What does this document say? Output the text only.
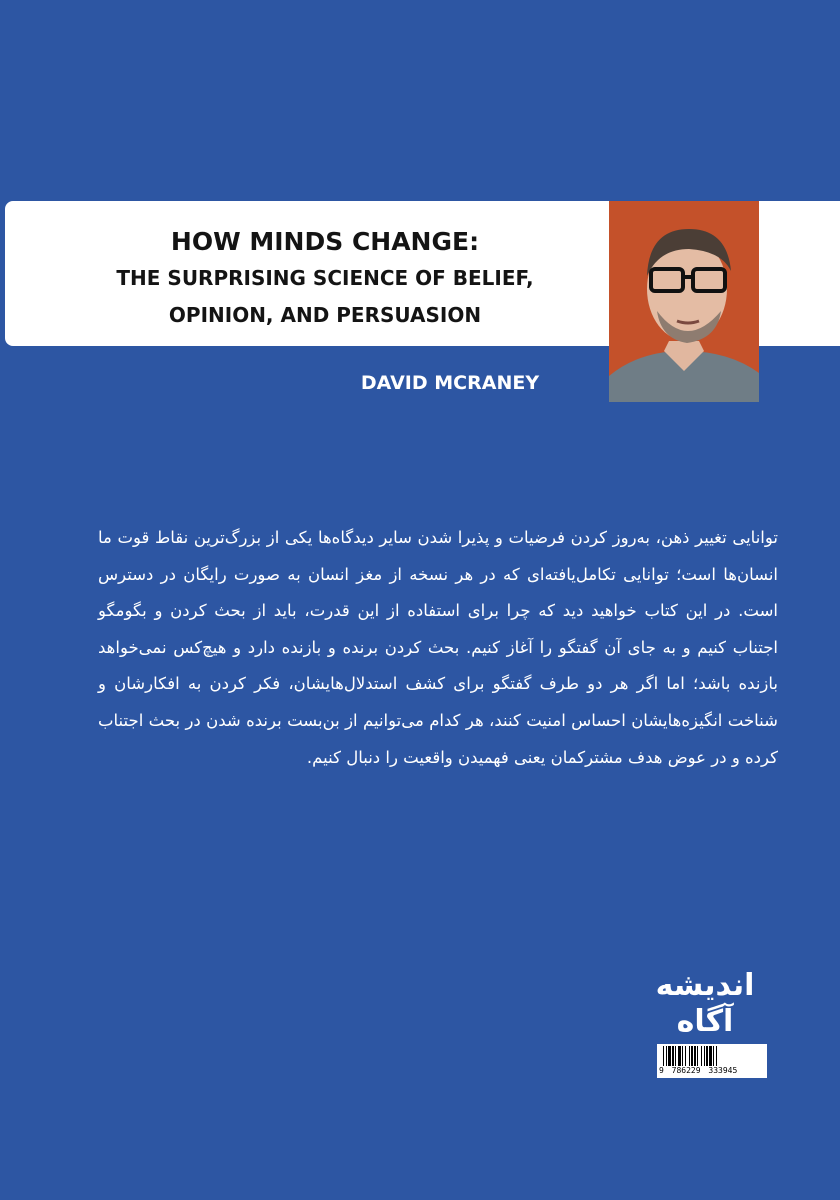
HOW MINDS CHANGE:
THE SURPRISING SCIENCE OF BELIEF,
OPINION, AND PERSUASION
DAVID MCRANEY
توانایی تغییر ذهن، به‌روز کردن فرضیات و پذیرا شدن سایر دیدگاه‌ها یکی از بزرگ‌ترین نقاط قوت ما انسان‌ها است؛ توانایی تکامل‌یافته‌ای که در هر نسخه از مغز انسان به صورت رایگان در دسترس است. در این کتاب خواهید دید که چرا برای استفاده از این قدرت، باید از بحث کردن و بگومگو اجتناب کنیم و به جای آن گفتگو را آغاز کنیم. بحث کردن برنده و بازنده دارد و هیچ‌کس نمی‌خواهد بازنده باشد؛ اما اگر هر دو طرف گفتگو برای کشف استدلال‌هایشان، فکر کردن به افکارشان و شناخت انگیزه‌هایشان احساس امنیت کنند، هر کدام می‌توانیم از بن‌بست برنده شدن در بحث اجتناب کرده و در عوض هدف مشترکمان یعنی فهمیدن واقعیت را دنبال کنیم.
اندیشه
آگاه
9 786229 333945
